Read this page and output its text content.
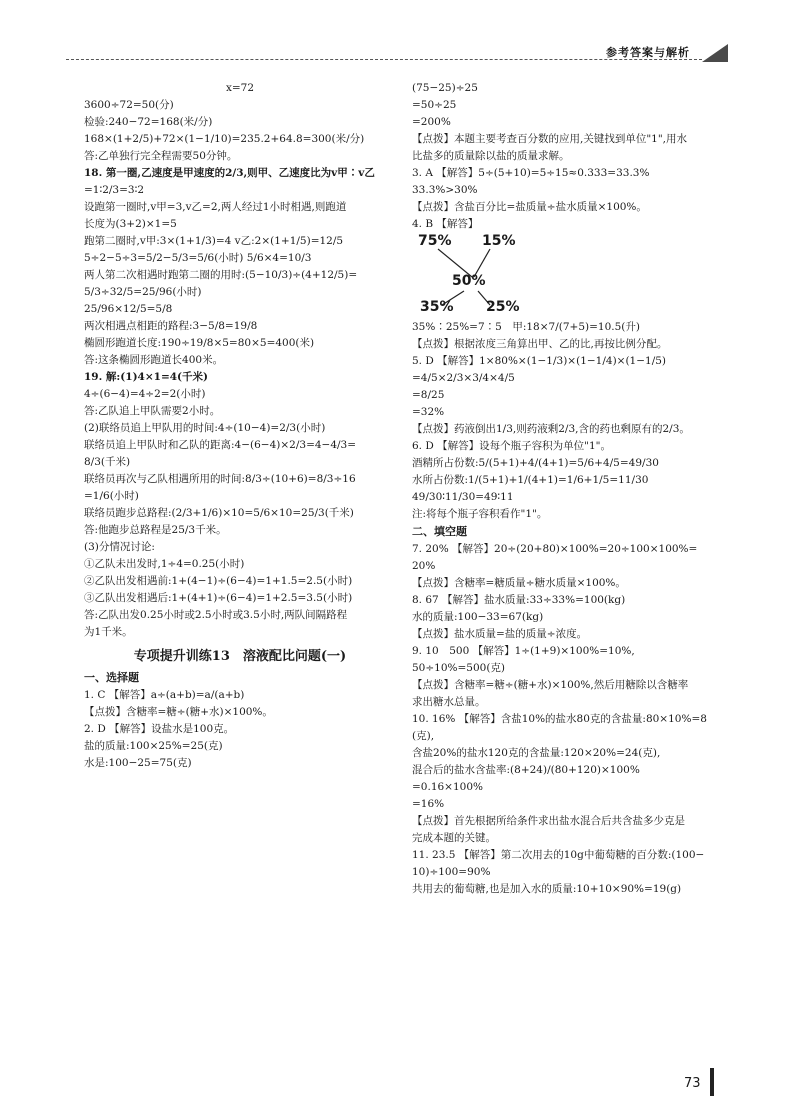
参考答案与解析
x=72
3600÷72=50(分)
检验:240−72=168(米/分)
168×(1+2/5)+72×(1−1/10)=235.2+64.8=300(米/分)
答:乙单独行完全程需要50分钟。
18. 第一圈,乙速度是甲速度的2/3,则甲、乙速度比为v甲∶v乙
=1∶2/3=3∶2
设跑第一圈时,v甲=3,v乙=2,两人经过1小时相遇,则跑道
长度为(3+2)×1=5
跑第二圈时,v甲:3×(1+1/3)=4 v乙:2×(1+1/5)=12/5
5÷2−5÷3=5/2−5/3=5/6(小时) 5/6×4=10/3
两人第二次相遇时跑第二圈的用时:(5−10/3)÷(4+12/5)=
5/3÷32/5=25/96(小时)
25/96×12/5=5/8
两次相遇点相距的路程:3−5/8=19/8
椭圆形跑道长度:190÷19/8×5=80×5=400(米)
答:这条椭圆形跑道长400米。
19. 解:(1)4×1=4(千米)
4÷(6−4)=4÷2=2(小时)
答:乙队追上甲队需要2小时。
(2)联络员追上甲队用的时间:4÷(10−4)=2/3(小时)
联络员追上甲队时和乙队的距离:4−(6−4)×2/3=4−4/3=
8/3(千米)
联络员再次与乙队相遇所用的时间:8/3÷(10+6)=8/3÷16
=1/6(小时)
联络员跑步总路程:(2/3+1/6)×10=5/6×10=25/3(千米)
答:他跑步总路程是25/3千米。
(3)分情况讨论:
①乙队未出发时,1÷4=0.25(小时)
②乙队出发相遇前:1+(4−1)÷(6−4)=1+1.5=2.5(小时)
③乙队出发相遇后:1+(4+1)÷(6−4)=1+2.5=3.5(小时)
答:乙队出发0.25小时或2.5小时或3.5小时,两队间隔路程
为1千米。
专项提升训练13　溶液配比问题(一)
一、选择题
1. C 【解答】a÷(a+b)=a/(a+b)
【点拨】含糖率=糖÷(糖+水)×100%。
2. D 【解答】设盐水是100克。
盐的质量:100×25%=25(克)
水是:100−25=75(克)
(75−25)÷25
=50÷25
=200%
【点拨】本题主要考查百分数的应用,关键找到单位"1",用水
比盐多的质量除以盐的质量求解。
3. A 【解答】5÷(5+10)=5÷15≈0.333=33.3%
33.3%>30%
【点拨】含盐百分比=盐质量÷盐水质量×100%。
4. B 【解答】
75% 15%
50%
35% 25%
35%∶25%=7∶5　甲:18×7/(7+5)=10.5(升)
【点拨】根据浓度三角算出甲、乙的比,再按比例分配。
5. D 【解答】1×80%×(1−1/3)×(1−1/4)×(1−1/5)
=4/5×2/3×3/4×4/5
=8/25
=32%
【点拨】药液倒出1/3,则药液剩2/3,含的药也剩原有的2/3。
6. D 【解答】设每个瓶子容积为单位"1"。
酒精所占份数:5/(5+1)+4/(4+1)=5/6+4/5=49/30
水所占份数:1/(5+1)+1/(4+1)=1/6+1/5=11/30
49/30∶11/30=49∶11
注:将每个瓶子容积看作"1"。
二、填空题
7. 20% 【解答】20÷(20+80)×100%=20÷100×100%=
20%
【点拨】含糖率=糖质量÷糖水质量×100%。
8. 67 【解答】盐水质量:33÷33%=100(kg)
水的质量:100−33=67(kg)
【点拨】盐水质量=盐的质量÷浓度。
9. 10　500 【解答】1÷(1+9)×100%=10%,
50÷10%=500(克)
【点拨】含糖率=糖÷(糖+水)×100%,然后用糖除以含糖率
求出糖水总量。
10. 16% 【解答】含盐10%的盐水80克的含盐量:80×10%=8
(克),
含盐20%的盐水120克的含盐量:120×20%=24(克),
混合后的盐水含盐率:(8+24)/(80+120)×100%
=0.16×100%
=16%
【点拨】首先根据所给条件求出盐水混合后共含盐多少克是
完成本题的关键。
11. 23.5 【解答】第二次用去的10g中葡萄糖的百分数:(100−
10)÷100=90%
共用去的葡萄糖,也是加入水的质量:10+10×90%=19(g)
73
